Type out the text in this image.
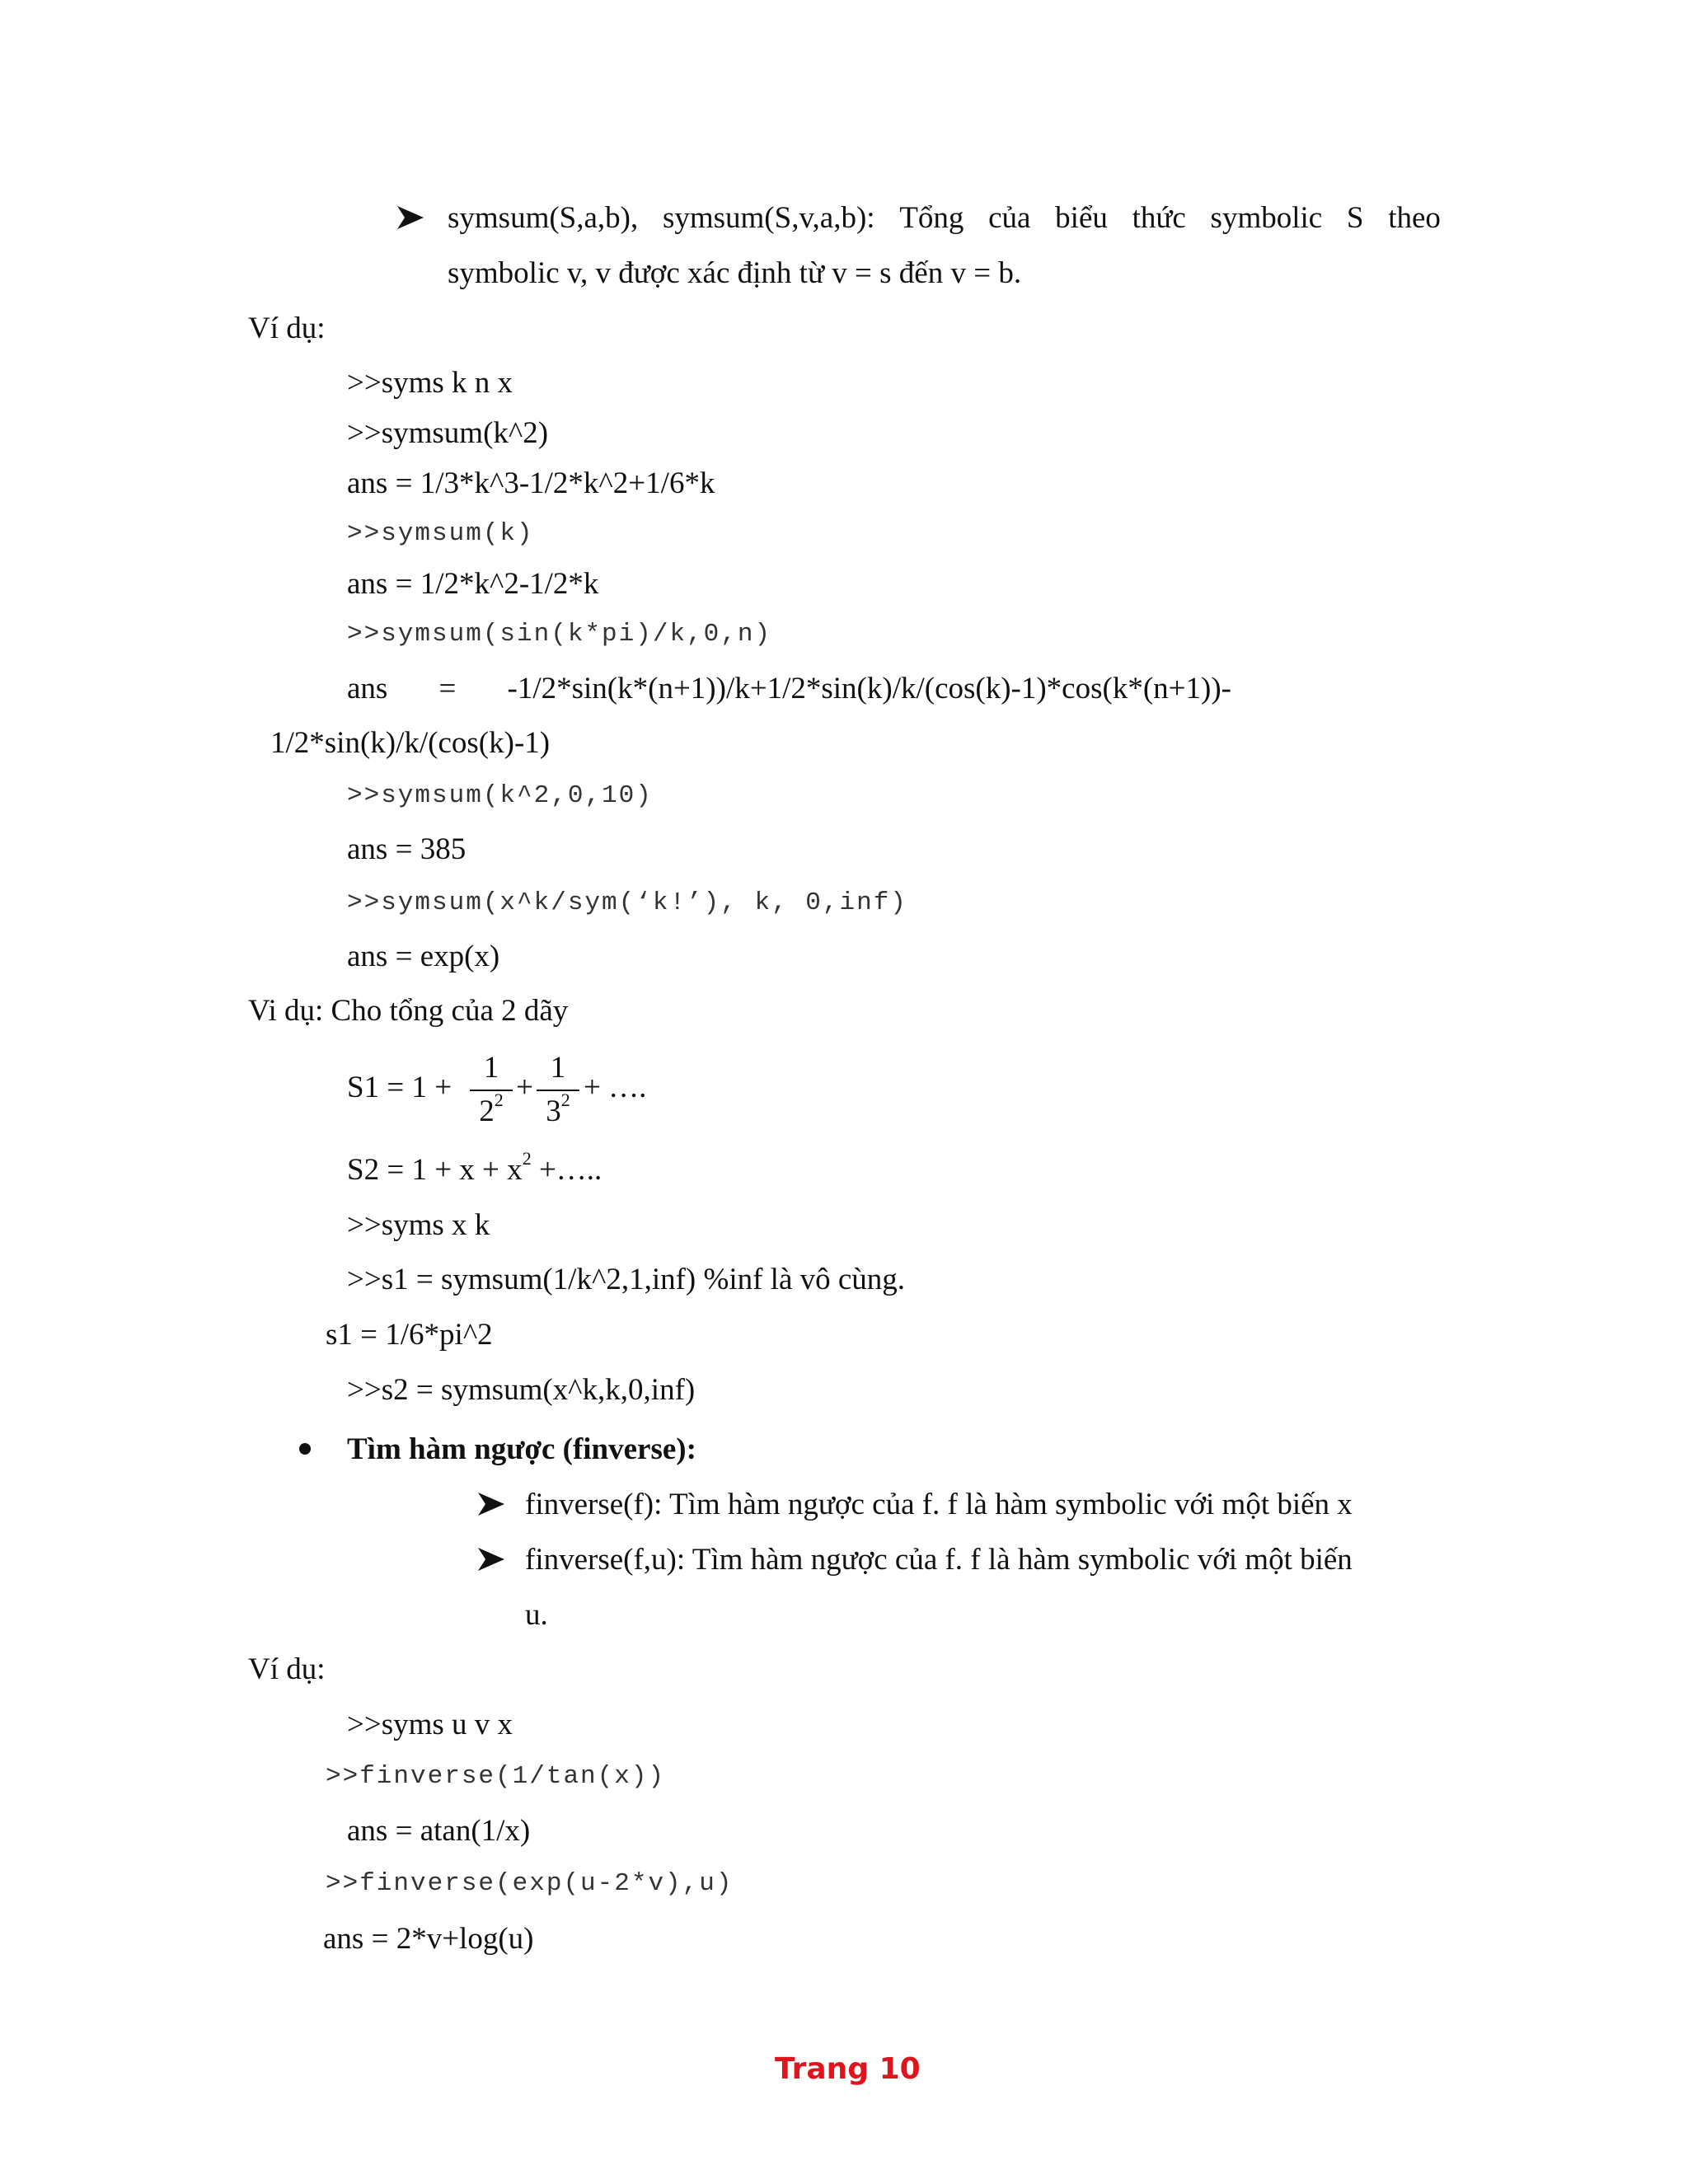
symsum(S,a,b), symsum(S,v,a,b): Tổng của biểu thức symbolic S theo
symbolic v, v được xác định từ v = s đến v = b.
Ví dụ:
>>syms k n x
>>symsum(k^2)
ans = 1/3*k^3-1/2*k^2+1/6*k
>>symsum(k)
ans = 1/2*k^2-1/2*k
>>symsum(sin(k*pi)/k,0,n)
ans = -1/2*sin(k*(n+1))/k+1/2*sin(k)/k/(cos(k)-1)*cos(k*(n+1))-
1/2*sin(k)/k/(cos(k)-1)
>>symsum(k^2,0,10)
ans = 385
>>symsum(x^k/sym(‘k!’), k, 0,inf)
ans = exp(x)
Vi dụ: Cho tổng của 2 dãy
S1 = 1 +
1
$2^2$ +
1
$3^2$ + ….
$S2 = 1 + x + x^2$ +…..
>>syms x k
>>s1 = symsum(1/k^2,1,inf) %inf là vô cùng.
s1 = 1/6*pi^2
>>s2 = symsum(x^k,k,0,inf)
Tìm hàm ngược (finverse):
finverse(f): Tìm hàm ngược của f. f là hàm symbolic với một biến x
finverse(f,u): Tìm hàm ngược của f. f là hàm symbolic với một biến
u.
Ví dụ:
>>syms u v x
>>finverse(1/tan(x))
ans = atan(1/x)
>>finverse(exp(u-2*v),u)
ans = 2*v+log(u)
Trang 10
